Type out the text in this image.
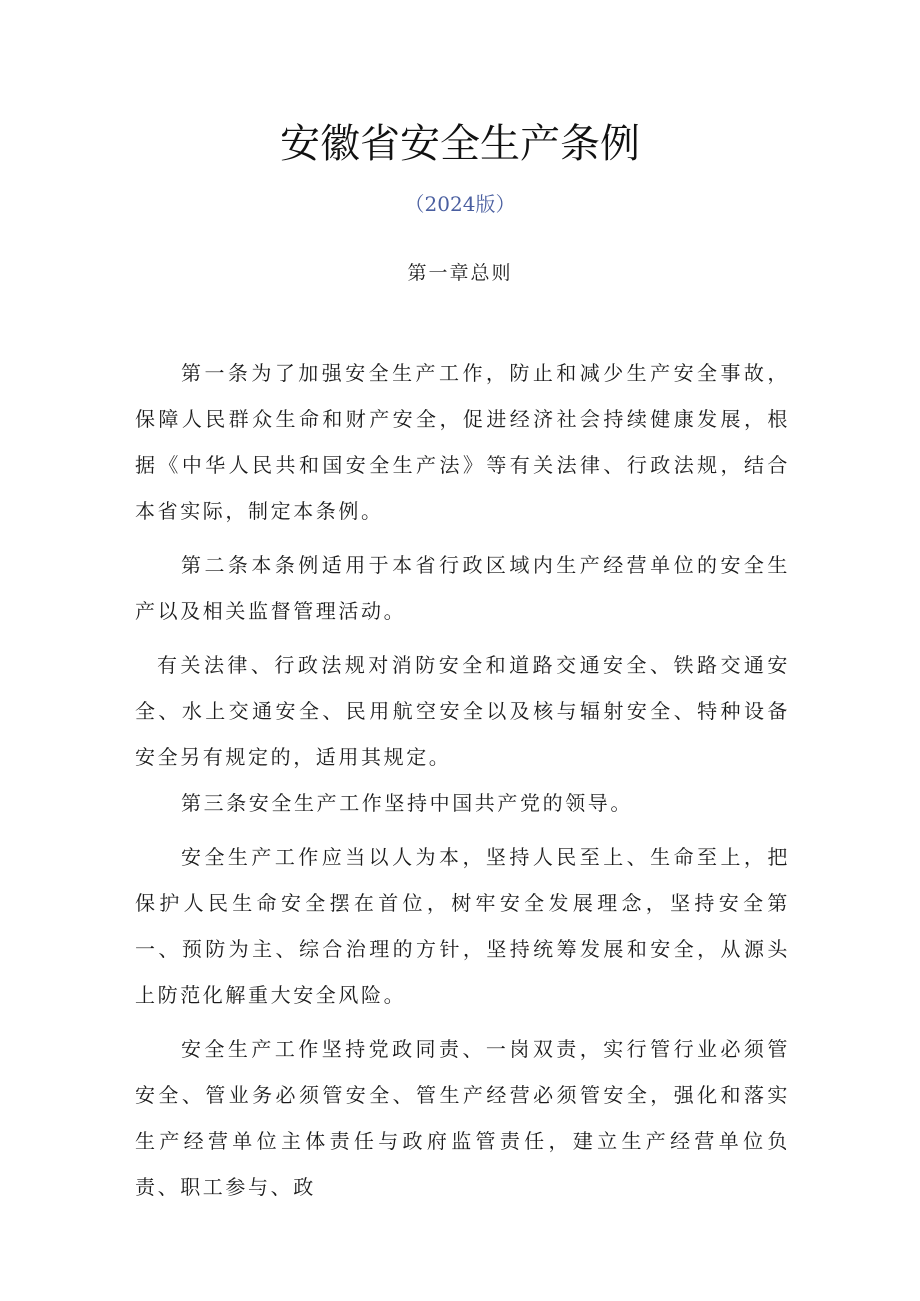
安徽省安全生产条例
（2024版）
第一章总则

第一条为了加强安全生产工作，防止和减少生产安全事故，保障人民群众生命和财产安全，促进经济社会持续健康发展，根据《中华人民共和国安全生产法》等有关法律、行政法规，结合本省实际，制定本条例。

第二条本条例适用于本省行政区域内生产经营单位的安全生产以及相关监督管理活动。

有关法律、行政法规对消防安全和道路交通安全、铁路交通安全、水上交通安全、民用航空安全以及核与辐射安全、特种设备安全另有规定的，适用其规定。

第三条安全生产工作坚持中国共产党的领导。

安全生产工作应当以人为本，坚持人民至上、生命至上，把保护人民生命安全摆在首位，树牢安全发展理念，坚持安全第一、预防为主、综合治理的方针，坚持统筹发展和安全，从源头上防范化解重大安全风险。

安全生产工作坚持党政同责、一岗双责，实行管行业必须管安全、管业务必须管安全、管生产经营必须管安全，强化和落实生产经营单位主体责任与政府监管责任，建立生产经营单位负责、职工参与、政
